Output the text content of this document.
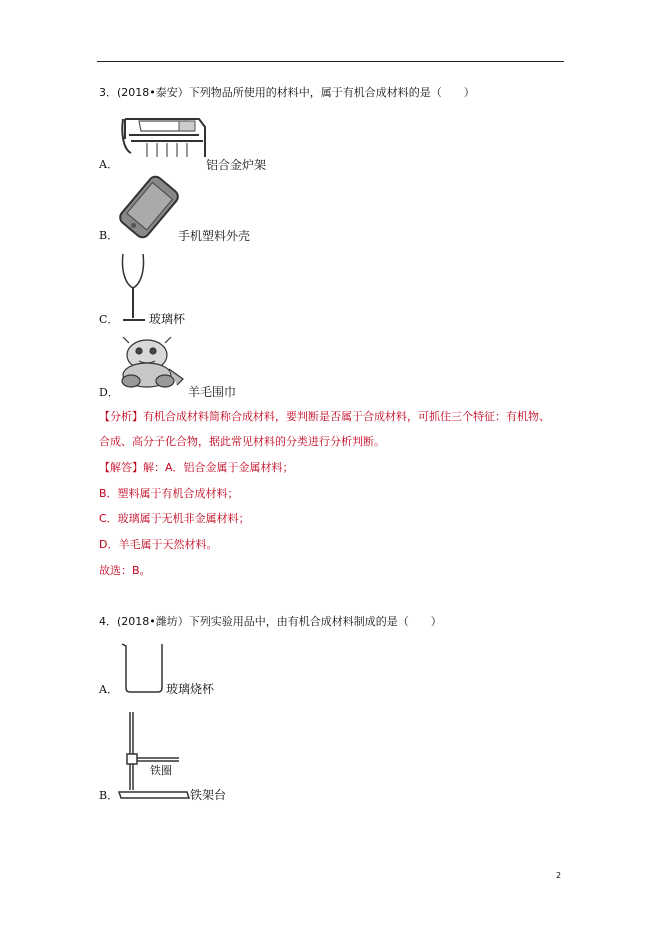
3．(2018•泰安）下列物品所使用的材料中，属于有机合成材料的是（　　）
A．	铝合金炉架
B．	手机塑料外壳
C．	玻璃杯
D．	羊毛围巾
【分析】有机合成材料简称合成材料，要判断是否属于合成材料，可抓住三个特征：有机物、
合成、高分子化合物，据此常见材料的分类进行分析判断。
【解答】解：A．铝合金属于金属材料；
B．塑料属于有机合成材料；
C．玻璃属于无机非金属材料；
D．羊毛属于天然材料。
故选：B。
4．(2018•潍坊）下列实验用品中，由有机合成材料制成的是（　　）
A．	玻璃烧杯
铁圈
B．	铁架台
2
